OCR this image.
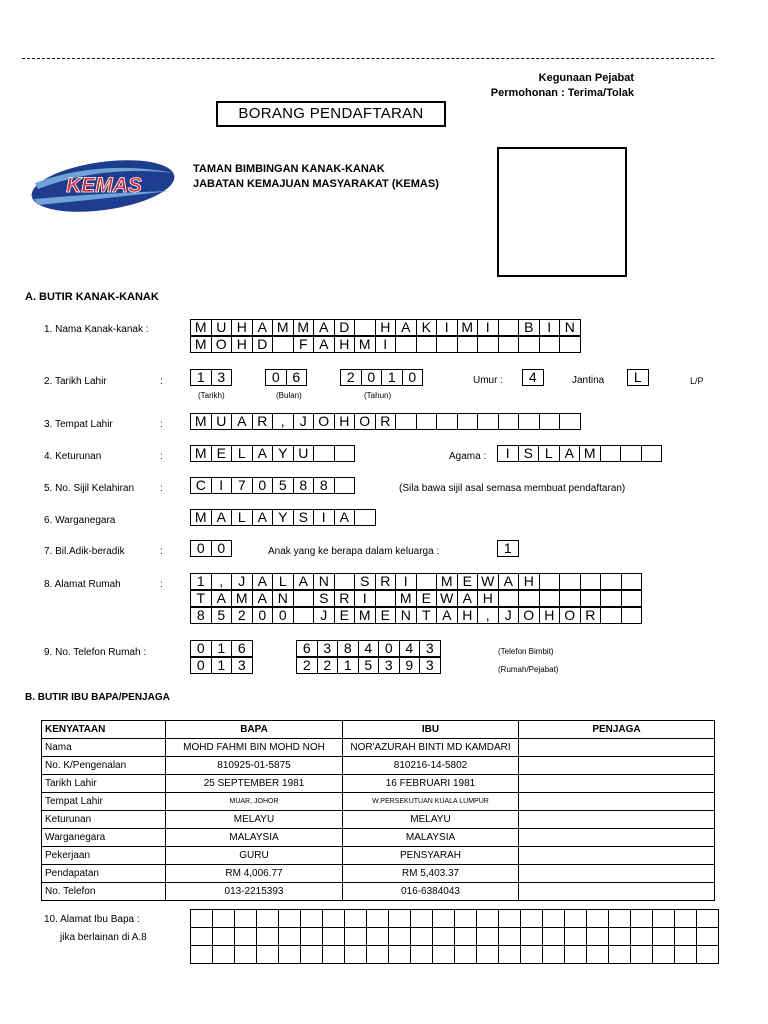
Kegunaan Pejabat
Permohonan : Terima/Tolak
BORANG PENDAFTARAN
KEMAS
TAMAN BIMBINGAN KANAK-KANAK
JABATAN KEMAJUAN MASYARAKAT (KEMAS)
A. BUTIR KANAK-KANAK
1. Nama Kanak-kanak :	M U H A M M A D	H A K I M I	B I N
M O H D	F A H M I
2. Tarikh Lahir	:	1 3	0 6	2 0 1 0
(Tarikh)	(Bulan)	(Tahun)
Umur :	4	Jantina	L	L/P
3. Tempat Lahir	:	M U A R ,	J O H O R
4. Keturunan	:	M E L A Y U	Agama :	I S L A M
5. No. Sijil Kelahiran	:	C I	7 0 5 8 8	(Sila bawa sijil asal semasa membuat pendaftaran)
6. Warganegara	M A L A Y S I A
7. Bil.Adik-beradik	:	0 0	Anak yang ke berapa dalam keluarga :	1
8. Alamat Rumah	:	1	,	J A L A N	S R I	M E W A H
T A M A N	S R I	M E W A H
8 5 2 0 0	J E M E N T A H ,	J O H O R
9. No. Telefon Rumah :	0 1 6	6 3 8 4 0 4 3	(Telefon Bimbit)
0 1 3	2 2 1 5 3 9 3	(Rumah/Pejabat)
B. BUTIR IBU BAPA/PENJAGA
KENYATAAN	BAPA	IBU	PENJAGA
Nama	MOHD FAHMI BIN MOHD NOH	NOR'AZURAH BINTI MD KAMDARI	
No. K/Pengenalan	810925-01-5875	810216-14-5802	
Tarikh Lahir	25 SEPTEMBER 1981	16 FEBRUARI 1981	
Tempat Lahir	MUAR, JOHOR	W.PERSEKUTUAN KUALA LUMPUR	
Keturunan	MELAYU	MELAYU	
Warganegara	MALAYSIA	MALAYSIA	
Pekerjaan	GURU	PENSYARAH	
Pendapatan	RM 4,006.77	RM 5,403.37	
No. Telefon	013-2215393	016-6384043	
10. Alamat Ibu Bapa :
jika berlainan di A.8
